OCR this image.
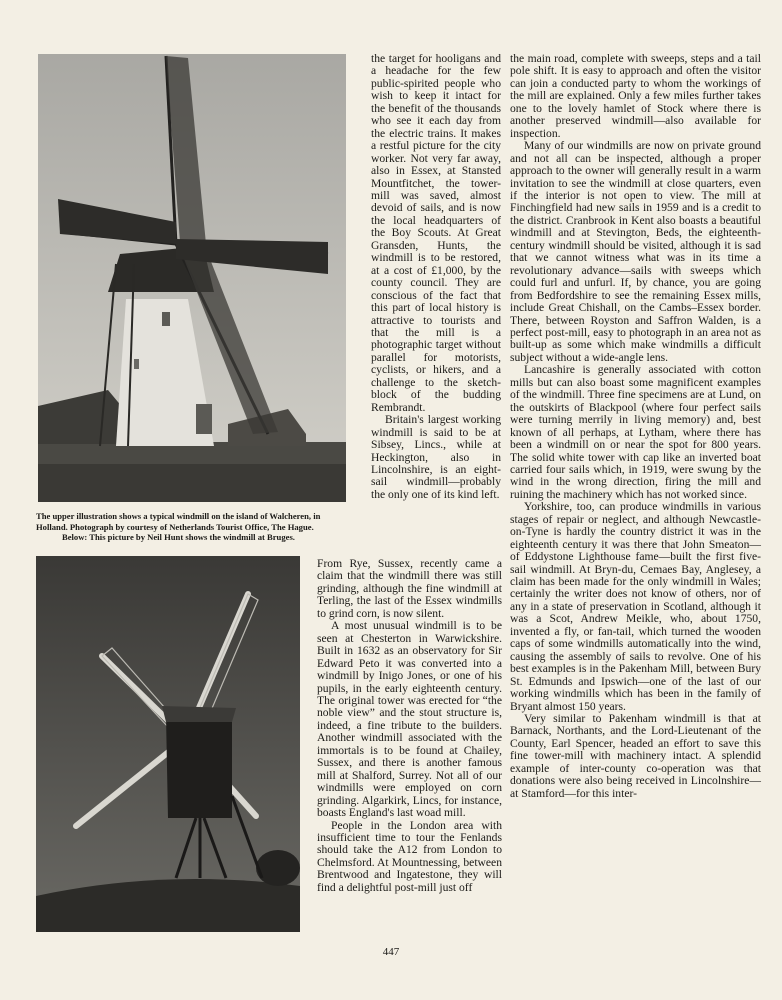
The upper illustration shows a typical windmill on the island of Walcheren, in Holland. Photograph by courtesy of Netherlands Tourist Office, The Hague.

Below: This picture by Neil Hunt shows the windmill at Bruges.

the target for hooligans and a headache for the few public-spirited people who wish to keep it intact for the benefit of the thousands who see it each day from the electric trains. It makes a restful picture for the city worker. Not very far away, also in Essex, at Stansted Mountfitchet, the tower-mill was saved, almost devoid of sails, and is now the local headquarters of the Boy Scouts. At Great Gransden, Hunts, the windmill is to be restored, at a cost of £1,000, by the county council. They are conscious of the fact that this part of local history is attractive to tourists and that the mill is a photographic target without parallel for motorists, cyclists, or hikers, and a challenge to the sketch-block of the budding Rembrandt.

Britain's largest working windmill is said to be at Sibsey, Lincs., while at Heckington, also in Lincolnshire, is an eight-sail windmill—probably the only one of its kind left.

From Rye, Sussex, recently came a claim that the windmill there was still grinding, although the fine windmill at Terling, the last of the Essex windmills to grind corn, is now silent.

A most unusual windmill is to be seen at Chesterton in Warwickshire. Built in 1632 as an observatory for Sir Edward Peto it was converted into a windmill by Inigo Jones, or one of his pupils, in the early eighteenth century. The original tower was erected for “the noble view” and the stout structure is, indeed, a fine tribute to the builders. Another windmill associated with the immortals is to be found at Chailey, Sussex, and there is another famous mill at Shalford, Surrey. Not all of our windmills were employed on corn grinding. Algarkirk, Lincs, for instance, boasts England's last woad mill.

People in the London area with insufficient time to tour the Fenlands should take the A12 from London to Chelmsford. At Mountnessing, between Brentwood and Ingatestone, they will find a delightful post-mill just off

the main road, complete with sweeps, steps and a tail pole shift. It is easy to approach and often the visitor can join a conducted party to whom the workings of the mill are explained. Only a few miles further takes one to the lovely hamlet of Stock where there is another preserved windmill—also available for inspection.

Many of our windmills are now on private ground and not all can be inspected, although a proper approach to the owner will generally result in a warm invitation to see the windmill at close quarters, even if the interior is not open to view. The mill at Finchingfield had new sails in 1959 and is a credit to the district. Cranbrook in Kent also boasts a beautiful windmill and at Stevington, Beds, the eighteenth-century windmill should be visited, although it is sad that we cannot witness what was in its time a revolutionary advance—sails with sweeps which could furl and unfurl. If, by chance, you are going from Bedfordshire to see the remaining Essex mills, include Great Chishall, on the Cambs–Essex border. There, between Royston and Saffron Walden, is a perfect post-mill, easy to photograph in an area not as built-up as some which make windmills a difficult subject without a wide-angle lens.

Lancashire is generally associated with cotton mills but can also boast some magnificent examples of the windmill. Three fine specimens are at Lund, on the outskirts of Blackpool (where four perfect sails were turning merrily in living memory) and, best known of all perhaps, at Lytham, where there has been a windmill on or near the spot for 800 years. The solid white tower with cap like an inverted boat carried four sails which, in 1919, were swung by the wind in the wrong direction, firing the mill and ruining the machinery which has not worked since.

Yorkshire, too, can produce windmills in various stages of repair or neglect, and although Newcastle-on-Tyne is hardly the country district it was in the eighteenth century it was there that John Smeaton—of Eddystone Lighthouse fame—built the first five-sail windmill. At Bryn-du, Cemaes Bay, Anglesey, a claim has been made for the only windmill in Wales; certainly the writer does not know of others, nor of any in a state of preservation in Scotland, although it was a Scot, Andrew Meikle, who, about 1750, invented a fly, or fan-tail, which turned the wooden caps of some windmills automatically into the wind, causing the assembly of sails to revolve. One of his best examples is in the Pakenham Mill, between Bury St. Edmunds and Ipswich—one of the last of our working windmills which has been in the family of Bryant almost 150 years.

Very similar to Pakenham windmill is that at Barnack, Northants, and the Lord-Lieutenant of the County, Earl Spencer, headed an effort to save this fine tower-mill with machinery intact. A splendid example of inter-county co-operation was that donations were also being received in Lincolnshire—at Stamford—for this inter-

447
